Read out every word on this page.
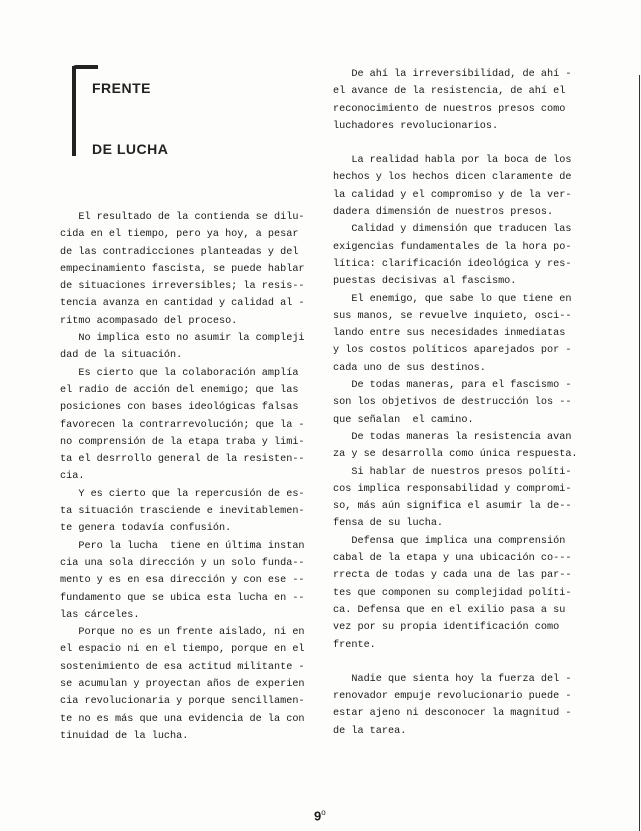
FRENTE
DE LUCHA
El resultado de la contienda se dilu-
cida en el tiempo, pero ya hoy, a pesar
de las contradicciones planteadas y del
empecinamiento fascista, se puede hablar
de situaciones irreversibles; la resis--
tencia avanza en cantidad y calidad al -
ritmo acompasado del proceso.
No implica esto no asumir la compleji
dad de la situación.
Es cierto que la colaboración amplía
el radio de acción del enemigo; que las
posiciones con bases ideológicas falsas
favorecen la contrarrevolución; que la -
no comprensión de la etapa traba y limi-
ta el desrrollo general de la resisten--
cia.
Y es cierto que la repercusión de es-
ta situación trasciende e inevitablemen-
te genera todavía confusión.
Pero la lucha  tiene en última instan
cia una sola dirección y un solo funda--
mento y es en esa dirección y con ese --
fundamento que se ubica esta lucha en --
las cárceles.
Porque no es un frente aislado, ni en
el espacio ni en el tiempo, porque en el
sostenimiento de esa actitud militante -
se acumulan y proyectan años de experien
cia revolucionaria y porque sencillamen-
te no es más que una evidencia de la con
tinuidad de la lucha.
De ahí la irreversibilidad, de ahí -
el avance de la resistencia, de ahí el
reconocimiento de nuestros presos como
luchadores revolucionarios.
La realidad habla por la boca de los
hechos y los hechos dicen claramente de
la calidad y el compromiso y de la ver-
dadera dimensión de nuestros presos.
Calidad y dimensión que traducen las
exigencias fundamentales de la hora po-
lítica: clarificación ideológica y res-
puestas decisivas al fascismo.
El enemigo, que sabe lo que tiene en
sus manos, se revuelve inquieto, osci--
lando entre sus necesidades inmediatas
y los costos políticos aparejados por -
cada uno de sus destinos.
De todas maneras, para el fascismo -
son los objetivos de destrucción los --
que señalan  el camino.
De todas maneras la resistencia avan
za y se desarrolla como única respuesta.
Si hablar de nuestros presos políti-
cos implica responsabilidad y compromi-
so, más aún significa el asumir la de--
fensa de su lucha.
Defensa que implica una comprensión
cabal de la etapa y una ubicación co---
rrecta de todas y cada una de las par--
tes que componen su complejidad políti-
ca. Defensa que en el exilio pasa a su
vez por su propia identificación como
frente.
Nadie que sienta hoy la fuerza del -
renovador empuje revolucionario puede -
estar ajeno ni desconocer la magnitud -
de la tarea.
9$^o$
